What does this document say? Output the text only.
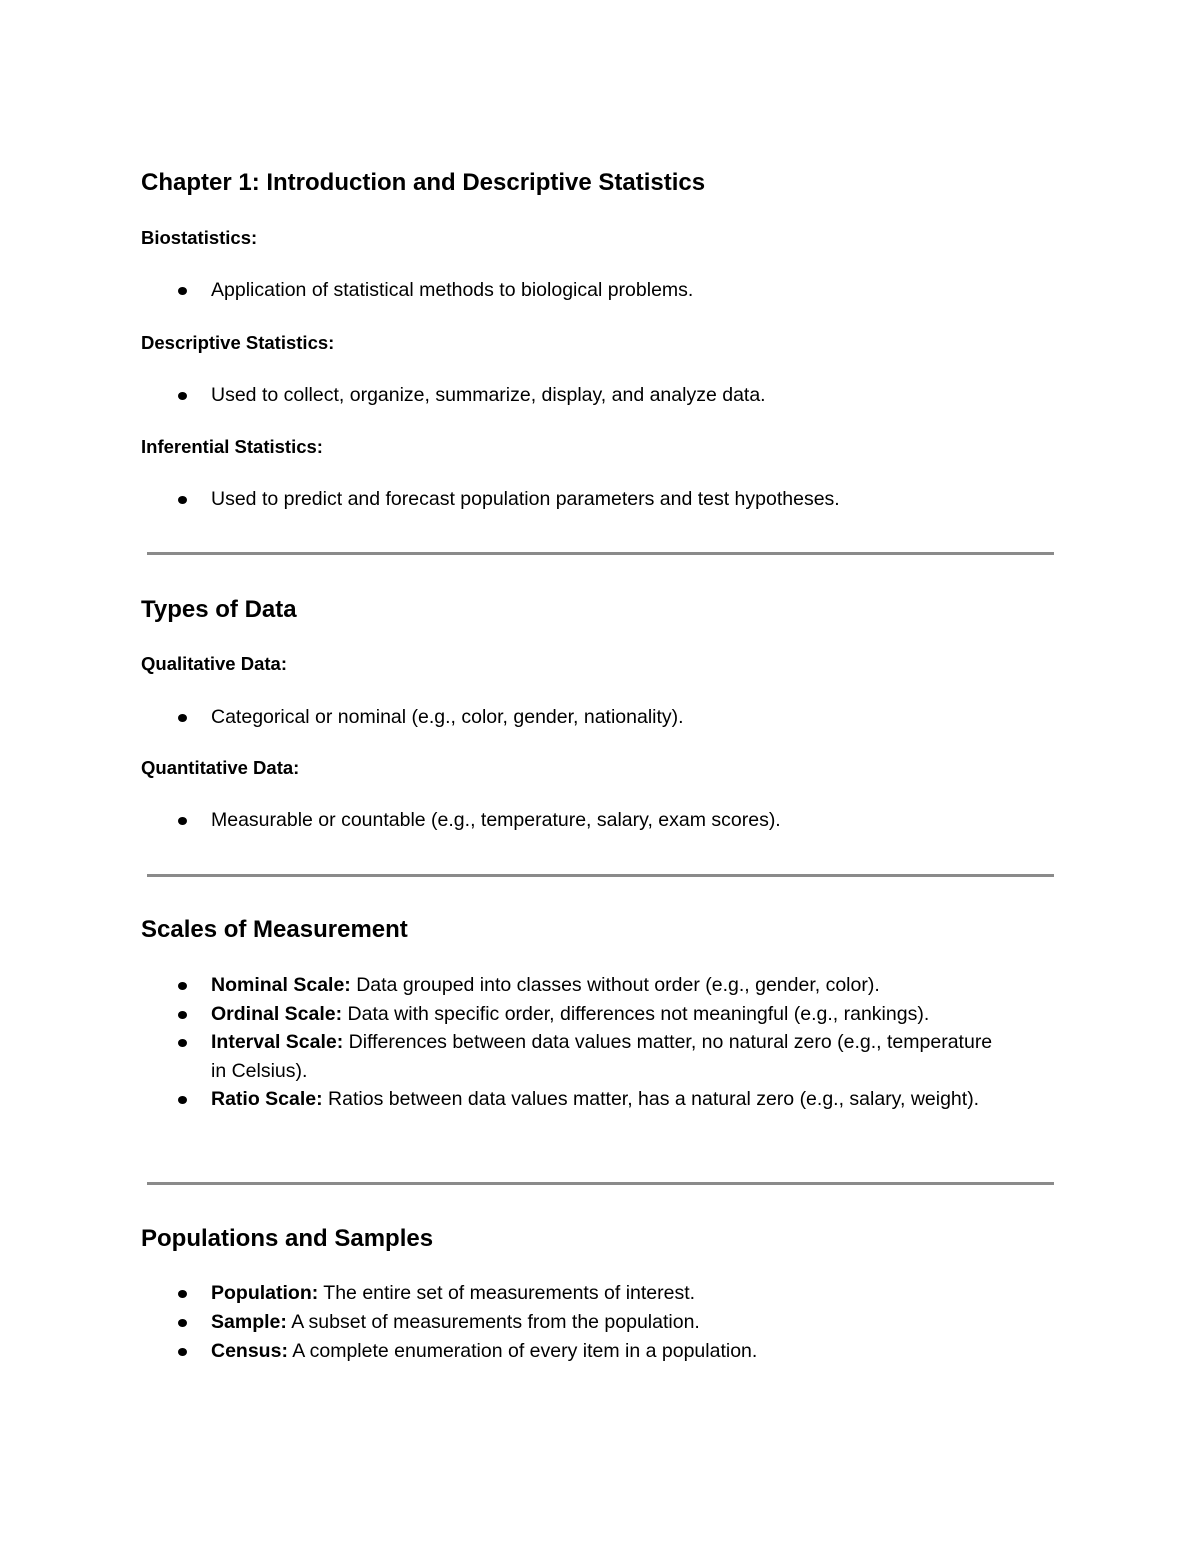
Chapter 1: Introduction and Descriptive Statistics
Biostatistics:
Application of statistical methods to biological problems.
Descriptive Statistics:
Used to collect, organize, summarize, display, and analyze data.
Inferential Statistics:
Used to predict and forecast population parameters and test hypotheses.
Types of Data
Qualitative Data:
Categorical or nominal (e.g., color, gender, nationality).
Quantitative Data:
Measurable or countable (e.g., temperature, salary, exam scores).
Scales of Measurement
Nominal Scale: Data grouped into classes without order (e.g., gender, color).
Ordinal Scale: Data with specific order, differences not meaningful (e.g., rankings).
Interval Scale: Differences between data values matter, no natural zero (e.g., temperature in Celsius).
Ratio Scale: Ratios between data values matter, has a natural zero (e.g., salary, weight).
Populations and Samples
Population: The entire set of measurements of interest.
Sample: A subset of measurements from the population.
Census: A complete enumeration of every item in a population.
